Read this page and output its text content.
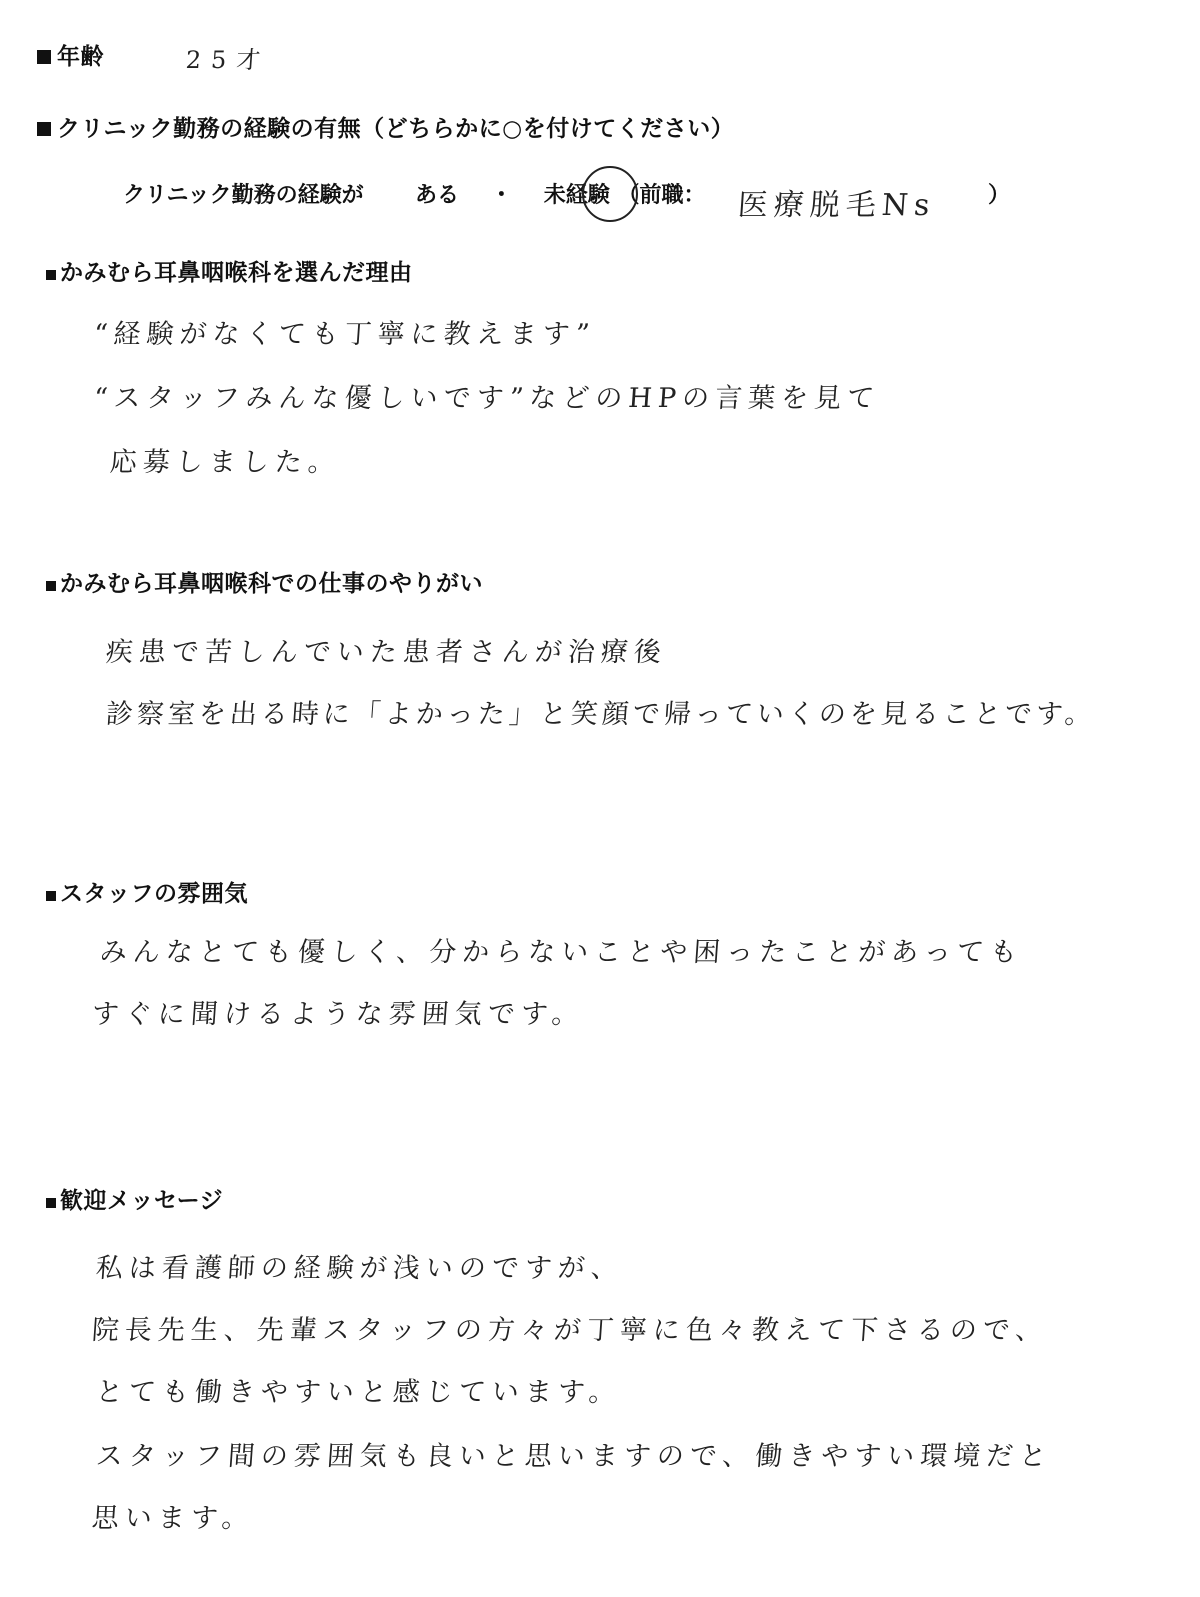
年齢	25才
クリニック勤務の経験の有無（どちらかに○を付けてください）
クリニック勤務の経験が ある ・ 未経験 （前職： 医療脱毛Ns ）
かみむら耳鼻咽喉科を選んだ理由
“経験がなくても丁寧に教えます”
“スタッフみんな優しいです”などのHPの言葉を見て
応募しました。
かみむら耳鼻咽喉科での仕事のやりがい
疾患で苦しんでいた患者さんが治療後
診察室を出る時に「よかった」と笑顔で帰っていくのを見ることです。
スタッフの雰囲気
みんなとても優しく、分からないことや困ったことがあっても
すぐに聞けるような雰囲気です。
歓迎メッセージ
私は看護師の経験が浅いのですが、
院長先生、先輩スタッフの方々が丁寧に色々教えて下さるので、
とても働きやすいと感じています。
スタッフ間の雰囲気も良いと思いますので、働きやすい環境だと
思います。
